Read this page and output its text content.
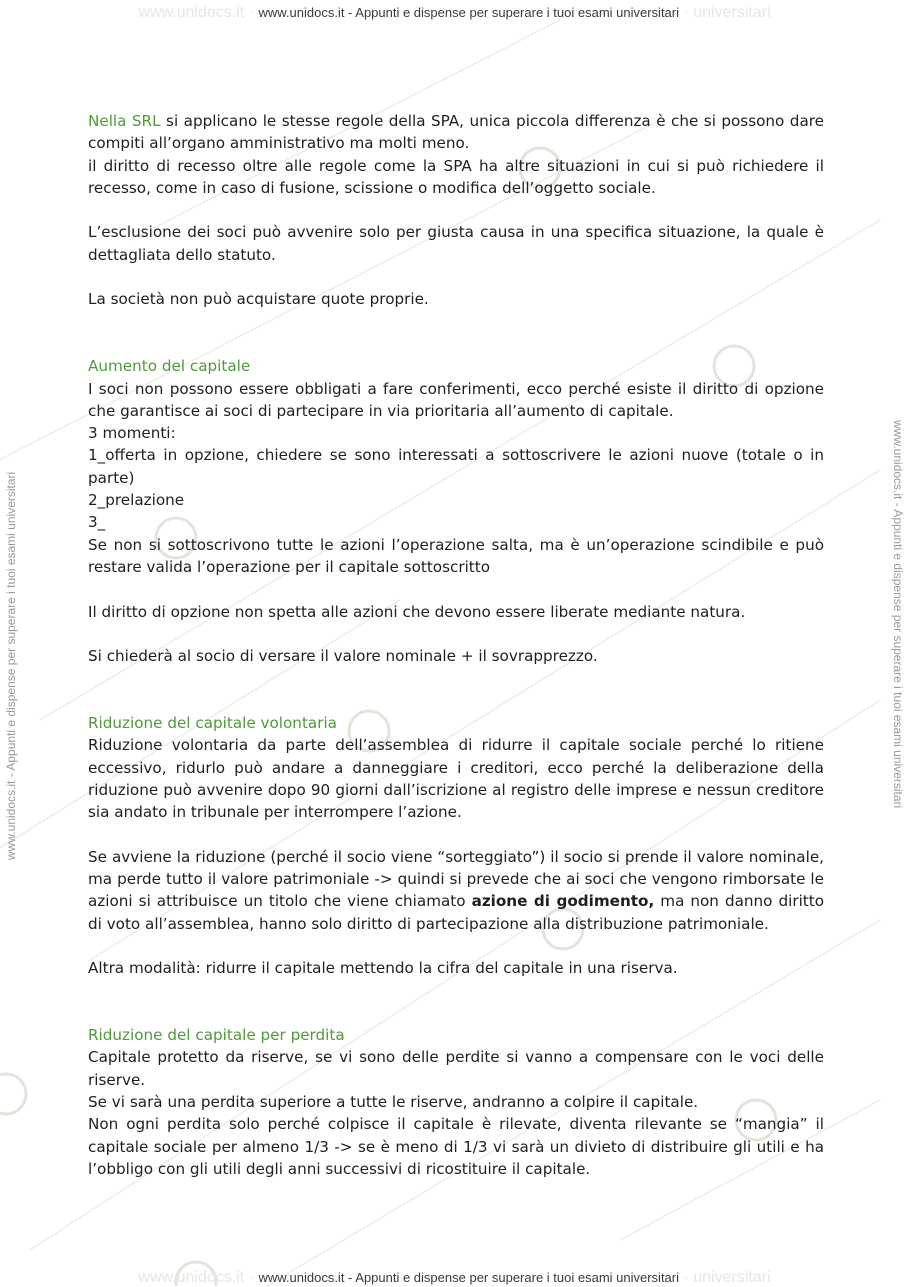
www.unidocs.it · www.unidocs.it - Appunti e dispense per superare i tuoi esami universitari · universitari
www.unidocs.it · www.unidocs.it - Appunti e dispense per superare i tuoi esami universitari · universitari
www.unidocs.it - Appunti e dispense per superare i tuoi esami universitari	www.unidocs.it - Appunti e dispense per superare i tuoi esami universitari

Nella SRL si applicano le stesse regole della SPA, unica piccola differenza è che si possono dare compiti all’organo amministrativo ma molti meno.

il diritto di recesso oltre alle regole come la SPA ha altre situazioni in cui si può richiedere il recesso, come in caso di fusione, scissione o modifica dell’oggetto sociale.

L’esclusione dei soci può avvenire solo per giusta causa in una specifica situazione, la quale è dettagliata dello statuto.

La società non può acquistare quote proprie.

Aumento del capitale

I soci non possono essere obbligati a fare conferimenti, ecco perché esiste il diritto di opzione che garantisce ai soci di partecipare in via prioritaria all’aumento di capitale.

3 momenti:

1_offerta in opzione, chiedere se sono interessati a sottoscrivere le azioni nuove (totale o in parte)

2_prelazione

3_

Se non si sottoscrivono tutte le azioni l’operazione salta, ma è un’operazione scindibile e può restare valida l’operazione per il capitale sottoscritto

Il diritto di opzione non spetta alle azioni che devono essere liberate mediante natura.

Si chiederà al socio di versare il valore nominale + il sovrapprezzo.

Riduzione del capitale volontaria

Riduzione volontaria da parte dell’assemblea di ridurre il capitale sociale perché lo ritiene eccessivo, ridurlo può andare a danneggiare i creditori, ecco perché la deliberazione della riduzione può avvenire dopo 90 giorni dall’iscrizione al registro delle imprese e nessun creditore sia andato in tribunale per interrompere l’azione.

Se avviene la riduzione (perché il socio viene “sorteggiato”) il socio si prende il valore nominale, ma perde tutto il valore patrimoniale -> quindi si prevede che ai soci che vengono rimborsate le azioni si attribuisce un titolo che viene chiamato azione di godimento, ma non danno diritto di voto all’assemblea, hanno solo diritto di partecipazione alla distribuzione patrimoniale.

Altra modalità: ridurre il capitale mettendo la cifra del capitale in una riserva.

Riduzione del capitale per perdita

Capitale protetto da riserve, se vi sono delle perdite si vanno a compensare con le voci delle riserve.

Se vi sarà una perdita superiore a tutte le riserve, andranno a colpire il capitale.

Non ogni perdita solo perché colpisce il capitale è rilevate, diventa rilevante se “mangia” il capitale sociale per almeno 1/3 -> se è meno di 1/3 vi sarà un divieto di distribuire gli utili e ha l’obbligo con gli utili degli anni successivi di ricostituire il capitale.
